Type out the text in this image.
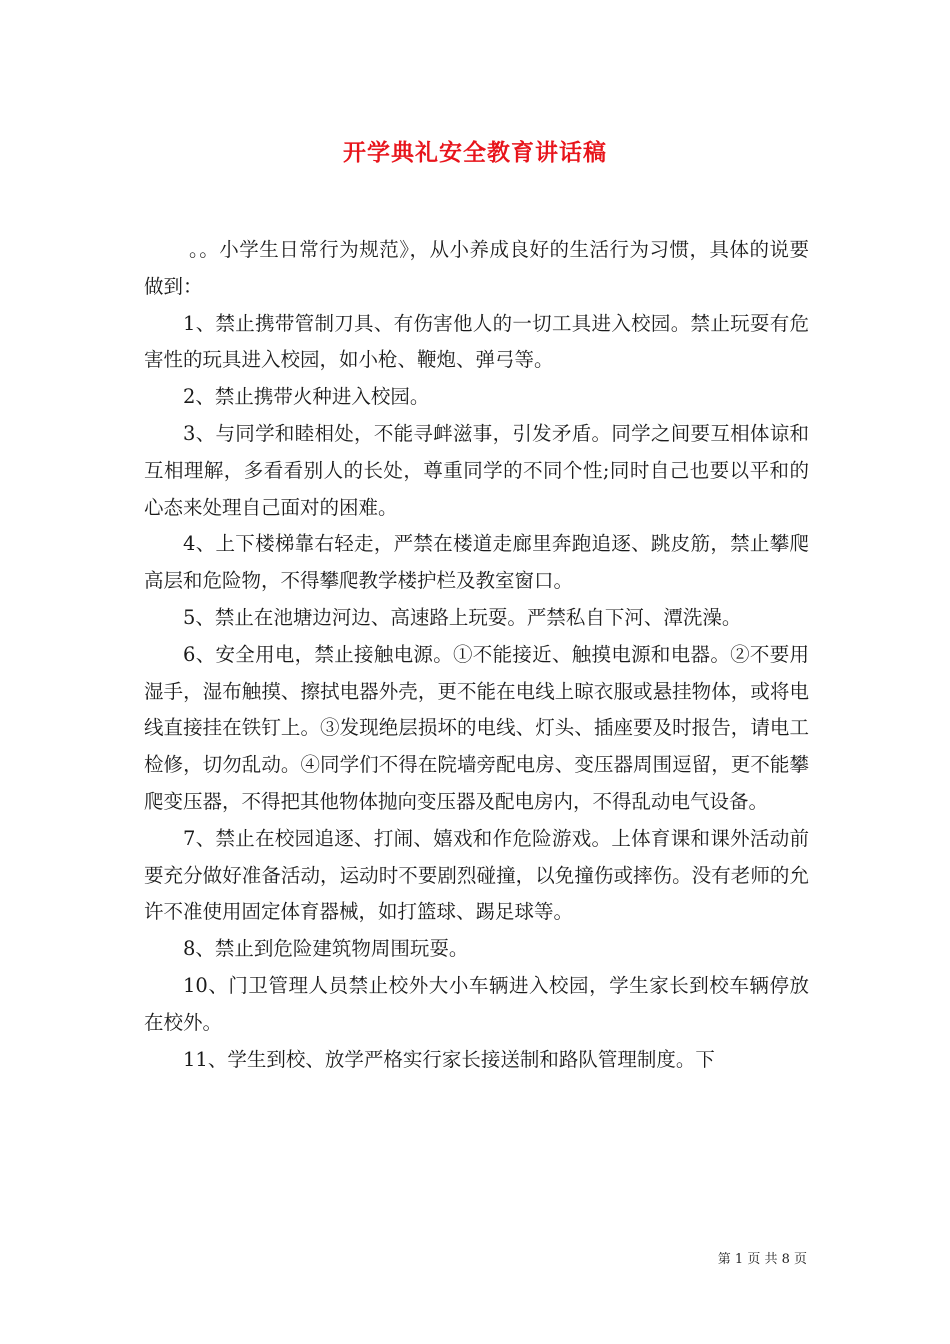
开学典礼安全教育讲话稿

。。小学生日常行为规范》，从小养成良好的生活行为习惯，具体的说要做到：

1、禁止携带管制刀具、有伤害他人的一切工具进入校园。禁止玩耍有危害性的玩具进入校园，如小枪、鞭炮、弹弓等。

2、禁止携带火种进入校园。

3、与同学和睦相处，不能寻衅滋事，引发矛盾。同学之间要互相体谅和互相理解，多看看别人的长处，尊重同学的不同个性;同时自己也要以平和的心态来处理自己面对的困难。

4、上下楼梯靠右轻走，严禁在楼道走廊里奔跑追逐、跳皮筋，禁止攀爬高层和危险物，不得攀爬教学楼护栏及教室窗口。

5、禁止在池塘边河边、高速路上玩耍。严禁私自下河、潭洗澡。

6、安全用电，禁止接触电源。①不能接近、触摸电源和电器。②不要用湿手，湿布触摸、擦拭电器外壳，更不能在电线上晾衣服或悬挂物体，或将电线直接挂在铁钉上。③发现绝层损坏的电线、灯头、插座要及时报告，请电工检修，切勿乱动。④同学们不得在院墙旁配电房、变压器周围逗留，更不能攀爬变压器，不得把其他物体抛向变压器及配电房内，不得乱动电气设备。

7、禁止在校园追逐、打闹、嬉戏和作危险游戏。上体育课和课外活动前要充分做好准备活动，运动时不要剧烈碰撞，以免撞伤或摔伤。没有老师的允许不准使用固定体育器械，如打篮球、踢足球等。

8、禁止到危险建筑物周围玩耍。

10、门卫管理人员禁止校外大小车辆进入校园，学生家长到校车辆停放在校外。

11、学生到校、放学严格实行家长接送制和路队管理制度。下

第 1 页 共 8 页
